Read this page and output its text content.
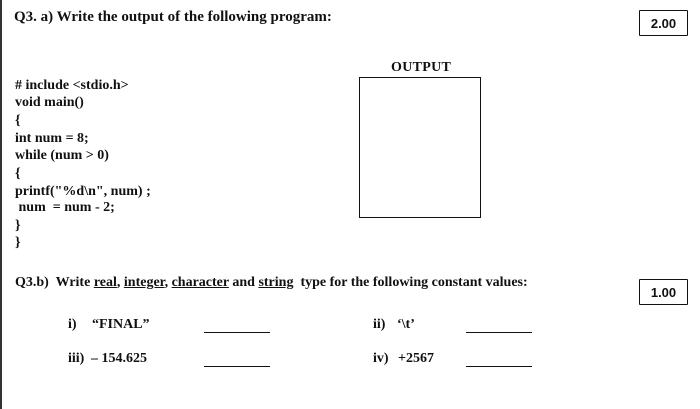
Q3. a) Write the output of the following program:	2.00
OUTPUT
# include <stdio.h>
void main()
{
int num = 8;
while (num > 0)
{
printf("%d\n", num) ;
num  = num - 2;
}
}
Q3.b)  Write real, integer, character and string  type for the following constant values:
1.00
i) “FINAL”	ii) ‘\t’
iii) – 154.625	iv) +2567
